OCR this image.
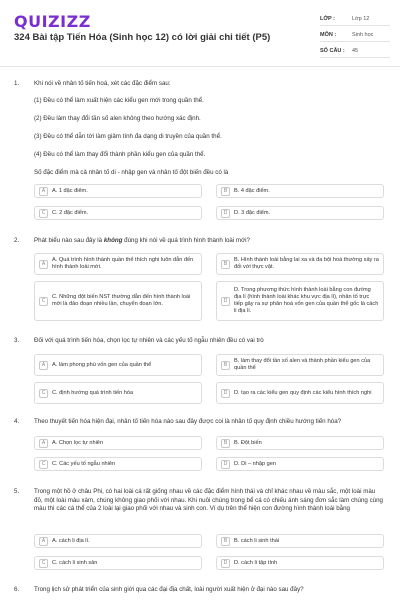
QUIZIZZ
324 Bài tập Tiến Hóa (Sinh học 12) có lời giải chi tiết (P5)
LỚP :	Lớp 12
MÔN :	Sinh học
SỐ CÂU :	45
1. Khi nói về nhân tố tiến hoá, xét các đặc điểm sau:
(1) Đều có thể làm xuất hiện các kiểu gen mới trong quần thể.
(2) Đều làm thay đổi tần số alen không theo hướng xác định.
(3) Đều có thể dẫn tới làm giảm tính đa dạng di truyền của quần thể.
(4) Đều có thể làm thay đổi thành phần kiểu gen của quần thể.
Số đặc điểm mà cả nhân tố di - nhập gen và nhân tố đột biến đều có là
A	A. 1 đặc điểm.	B	B. 4 đặc điểm.
C	C. 2 đặc điểm.	D	D. 3 đặc điểm.
2. Phát biểu nào sau đây là không đúng khi nói về quá trình hình thành loài mới?
A
A. Quá trình hình thành quần thể thích nghi luôn dẫn đến hình thành loài mới.
B
B. Hình thành loài bằng lai xa và đa bội hoá thường xảy ra đối với thực vật.
C
C. Những đột biến NST thường dẫn đến hình thành loài mới là đảo đoạn nhiều lần, chuyển đoạn lớn.
D
D. Trong phương thức hình thành loài bằng con đường địa lí (hình thành loài khác khu vực địa lí), nhân tố trực tiếp gây ra sự phân hoá vốn gen của quần thể gốc là cách li địa lí.
3. Đối với quá trình tiến hóa, chọn lọc tự nhiên và các yếu tố ngẫu nhiên đều có vai trò
A	A. làm phong phú vốn gen của quần thể	B
B. làm thay đổi tần số alen và thành phần kiểu gen của quần thể
C	C. định hướng quá trình tiến hóa	D	D. tạo ra các kiểu gen quy định các kiểu hình thích nghi
4. Theo thuyết tiến hóa hiện đại, nhân tố tiến hóa nào sau đây được coi là nhân tố quy định chiều hướng tiến hóa?
A	A. Chọn lọc tự nhiên	B	B. Đột biến
C	C. Các yếu tố ngẫu nhiên	D	D. Di – nhập gen
5. Trong một hồ ở châu Phi, có hai loài cá rất giống nhau về các đặc điểm hình thái và chỉ khác nhau về màu sắc, một loài màu đỏ, một loài màu xám, chúng không giao phối với nhau. Khi nuôi chúng trong bể cá có chiếu ánh sáng đơn sắc làm chúng cùng màu thì các cá thể của 2 loài lại giao phối với nhau và sinh con. Ví dụ trên thể hiện con đường hình thành loài bằng
A	A. cách li địa lí.	B	B. cách li sinh thái
C	C. cách li sinh sản	D	D. cách li tập tính
6. Trong lịch sử phát triển của sinh giới qua các đại địa chất, loài người xuất hiện ở đại nào sau đây?
